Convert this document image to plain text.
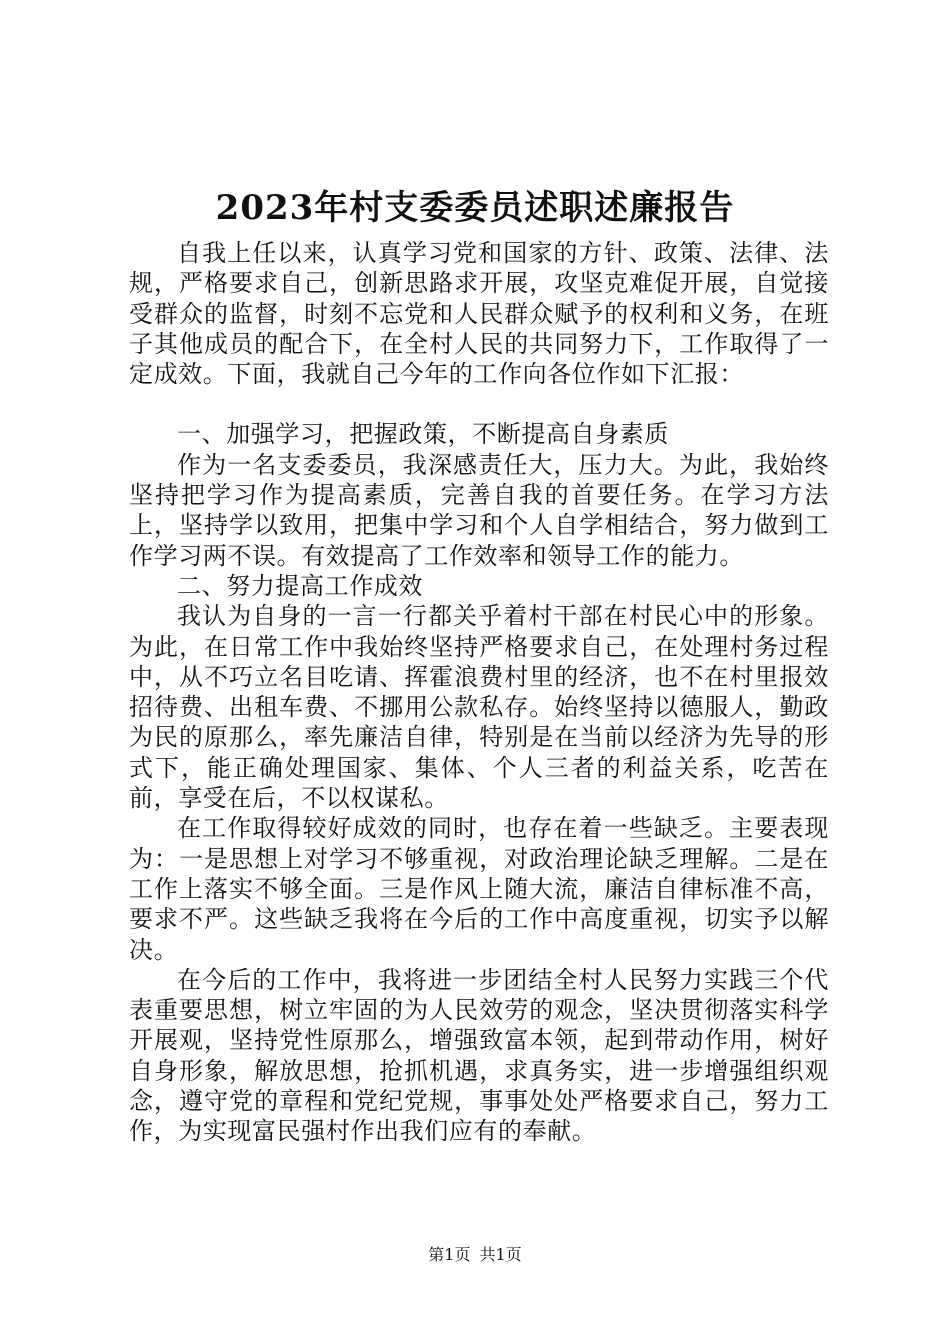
2023年村支委委员述职述廉报告

自我上任以来，认真学习党和国家的方针、政策、法律、法规，严格要求自己，创新思路求开展，攻坚克难促开展，自觉接受群众的监督，时刻不忘党和人民群众赋予的权利和义务，在班子其他成员的配合下，在全村人民的共同努力下，工作取得了一定成效。下面，我就自己今年的工作向各位作如下汇报：

一、加强学习，把握政策，不断提高自身素质

作为一名支委委员，我深感责任大，压力大。为此，我始终坚持把学习作为提高素质，完善自我的首要任务。在学习方法上，坚持学以致用，把集中学习和个人自学相结合，努力做到工作学习两不误。有效提高了工作效率和领导工作的能力。

二、努力提高工作成效

我认为自身的一言一行都关乎着村干部在村民心中的形象。为此，在日常工作中我始终坚持严格要求自己，在处理村务过程中，从不巧立名目吃请、挥霍浪费村里的经济，也不在村里报效招待费、出租车费、不挪用公款私存。始终坚持以德服人，勤政为民的原那么，率先廉洁自律，特别是在当前以经济为先导的形式下，能正确处理国家、集体、个人三者的利益关系，吃苦在前，享受在后，不以权谋私。

在工作取得较好成效的同时，也存在着一些缺乏。主要表现为：一是思想上对学习不够重视，对政治理论缺乏理解。二是在工作上落实不够全面。三是作风上随大流，廉洁自律标准不高，要求不严。这些缺乏我将在今后的工作中高度重视，切实予以解决。

在今后的工作中，我将进一步团结全村人民努力实践三个代表重要思想，树立牢固的为人民效劳的观念，坚决贯彻落实科学开展观，坚持党性原那么，增强致富本领，起到带动作用，树好自身形象，解放思想，抢抓机遇，求真务实，进一步增强组织观念，遵守党的章程和党纪党规，事事处处严格要求自己，努力工作，为实现富民强村作出我们应有的奉献。

第1页 共1页
